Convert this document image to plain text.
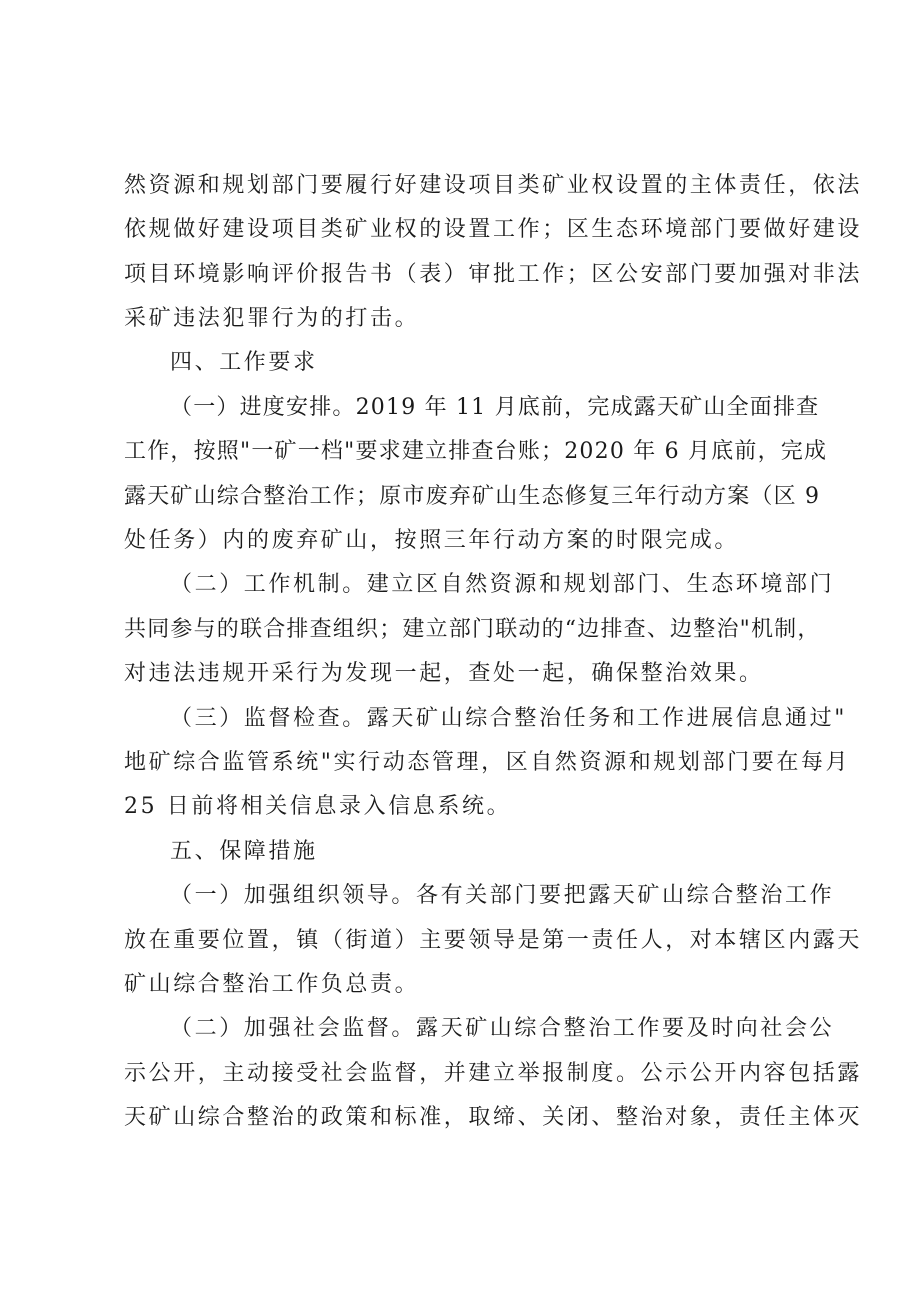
然资源和规划部门要履行好建设项目类矿业权设置的主体责任，依法
依规做好建设项目类矿业权的设置工作；区生态环境部门要做好建设
项目环境影响评价报告书（表）审批工作；区公安部门要加强对非法
采矿违法犯罪行为的打击。
四、工作要求
（一）进度安排。2019 年 11 月底前，完成露天矿山全面排查
工作，按照"一矿一档"要求建立排查台账；2020 年 6 月底前，完成
露天矿山综合整治工作；原市废弃矿山生态修复三年行动方案（区 9
处任务）内的废弃矿山，按照三年行动方案的时限完成。
（二）工作机制。建立区自然资源和规划部门、生态环境部门
共同参与的联合排查组织；建立部门联动的“边排查、边整治"机制，
对违法违规开采行为发现一起，查处一起，确保整治效果。
（三）监督检查。露天矿山综合整治任务和工作进展信息通过"
地矿综合监管系统"实行动态管理，区自然资源和规划部门要在每月
25 日前将相关信息录入信息系统。
五、保障措施
（一）加强组织领导。各有关部门要把露天矿山综合整治工作
放在重要位置，镇（街道）主要领导是第一责任人，对本辖区内露天
矿山综合整治工作负总责。
（二）加强社会监督。露天矿山综合整治工作要及时向社会公
示公开，主动接受社会监督，并建立举报制度。公示公开内容包括露
天矿山综合整治的政策和标准，取缔、关闭、整治对象，责任主体灭
